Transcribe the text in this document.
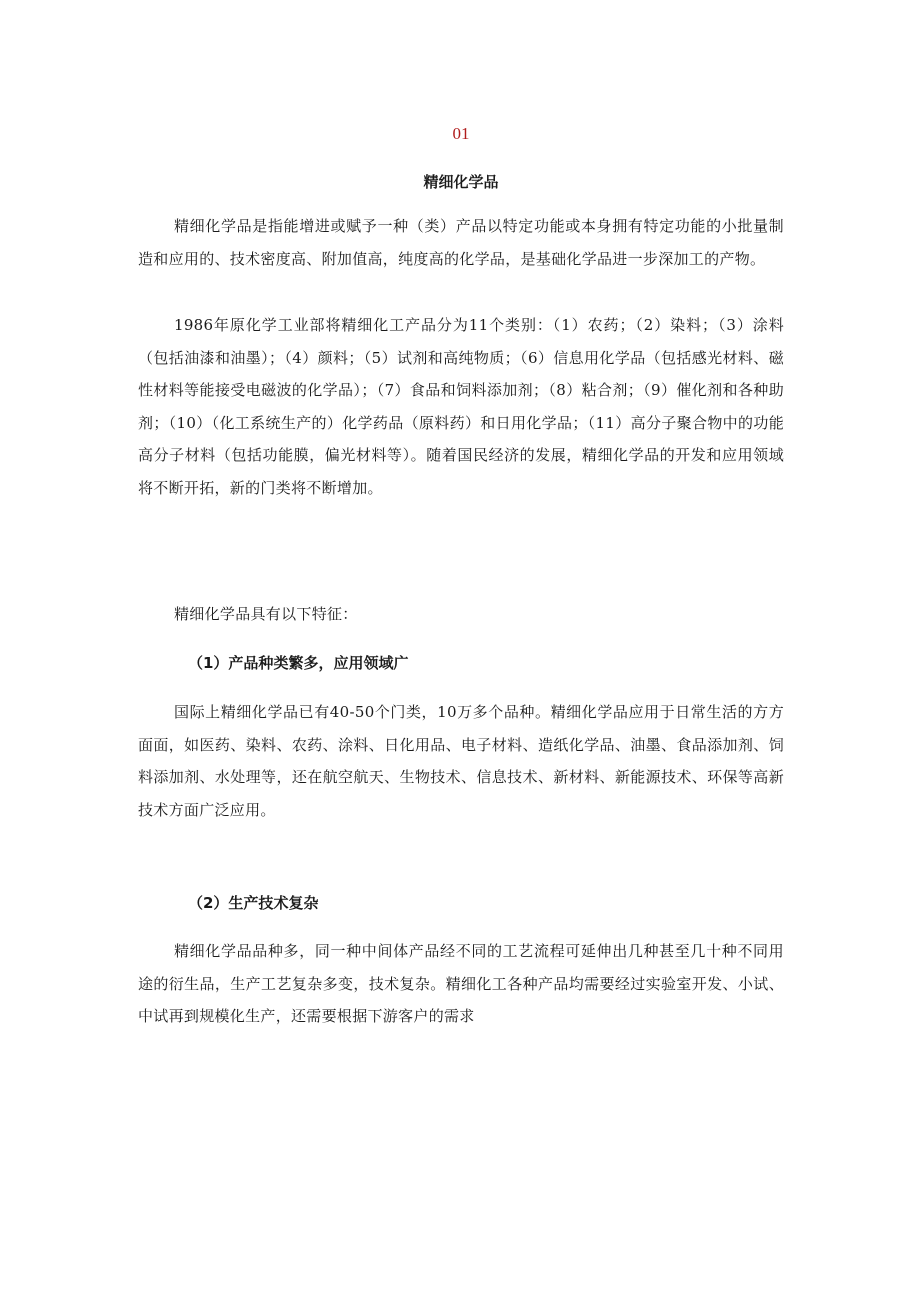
01

精细化学品

精细化学品是指能增进或赋予一种（类）产品以特定功能或本身拥有特定功能的小批量制造和应用的、技术密度高、附加值高，纯度高的化学品，是基础化学品进一步深加工的产物。

1986年原化学工业部将精细化工产品分为11个类别：（1）农药；（2）染料；（3）涂料（包括油漆和油墨）；（4）颜料；（5）试剂和高纯物质；（6）信息用化学品（包括感光材料、磁性材料等能接受电磁波的化学品）；（7）食品和饲料添加剂；（8）粘合剂；（9）催化剂和各种助剂；（10）（化工系统生产的）化学药品（原料药）和日用化学品；（11）高分子聚合物中的功能高分子材料（包括功能膜，偏光材料等）。随着国民经济的发展，精细化学品的开发和应用领域将不断开拓，新的门类将不断增加。

精细化学品具有以下特征：

（1）产品种类繁多，应用领域广

国际上精细化学品已有40-50个门类，10万多个品种。精细化学品应用于日常生活的方方面面，如医药、染料、农药、涂料、日化用品、电子材料、造纸化学品、油墨、食品添加剂、饲料添加剂、水处理等，还在航空航天、生物技术、信息技术、新材料、新能源技术、环保等高新技术方面广泛应用。

（2）生产技术复杂

精细化学品品种多，同一种中间体产品经不同的工艺流程可延伸出几种甚至几十种不同用途的衍生品，生产工艺复杂多变，技术复杂。精细化工各种产品均需要经过实验室开发、小试、中试再到规模化生产，还需要根据下游客户的需求
